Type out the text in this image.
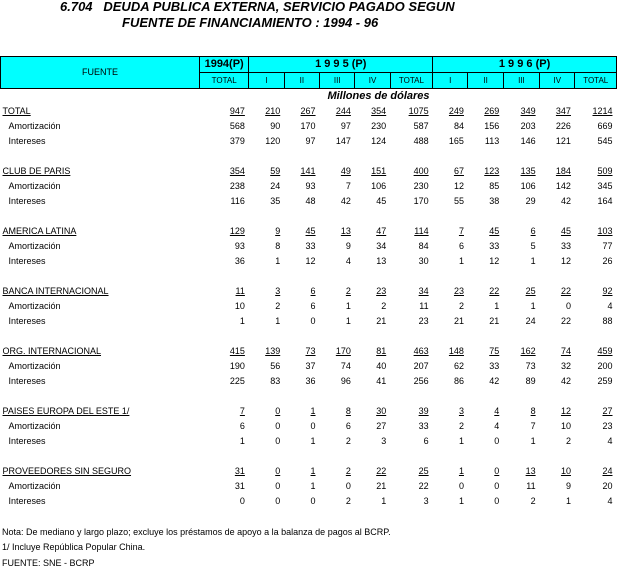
6.704   DEUDA PUBLICA EXTERNA, SERVICIO PAGADO SEGUN
FUENTE DE FINANCIAMIENTO : 1994 - 96
FUENTE	1994(P)	1 9 9 5 (P)					1 9 9 6 (P)				
	TOTAL	I	II	III	IV	TOTAL	I	II	III	IV	TOTAL
Millones de dólares											
TOTAL	947	210	267	244	354	1075	249	269	349	347	1214
Amortización	568	90	170	97	230	587	84	156	203	226	669
Intereses	379	120	97	147	124	488	165	113	146	121	545

CLUB DE PARIS	354	59	141	49	151	400	67	123	135	184	509
Amortización	238	24	93	7	106	230	12	85	106	142	345
Intereses	116	35	48	42	45	170	55	38	29	42	164

AMERICA LATINA	129	9	45	13	47	114	7	45	6	45	103
Amortización	93	8	33	9	34	84	6	33	5	33	77
Intereses	36	1	12	4	13	30	1	12	1	12	26

BANCA INTERNACIONAL	11	3	6	2	23	34	23	22	25	22	92
Amortización	10	2	6	1	2	11	2	1	1	0	4
Intereses	1	1	0	1	21	23	21	21	24	22	88

ORG. INTERNACIONAL	415	139	73	170	81	463	148	75	162	74	459
Amortización	190	56	37	74	40	207	62	33	73	32	200
Intereses	225	83	36	96	41	256	86	42	89	42	259

PAISES EUROPA DEL ESTE 1/	7	0	1	8	30	39	3	4	8	12	27
Amortización	6	0	0	6	27	33	2	4	7	10	23
Intereses	1	0	1	2	3	6	1	0	1	2	4

PROVEEDORES SIN SEGURO	31	0	1	2	22	25	1	0	13	10	24
Amortización	31	0	1	0	21	22	0	0	11	9	20
Intereses	0	0	0	2	1	3	1	0	2	1	4
Nota: De mediano y largo plazo; excluye los préstamos de apoyo a la balanza de pagos al BCRP.
1/ Incluye República Popular China.
FUENTE: SNE - BCRP
